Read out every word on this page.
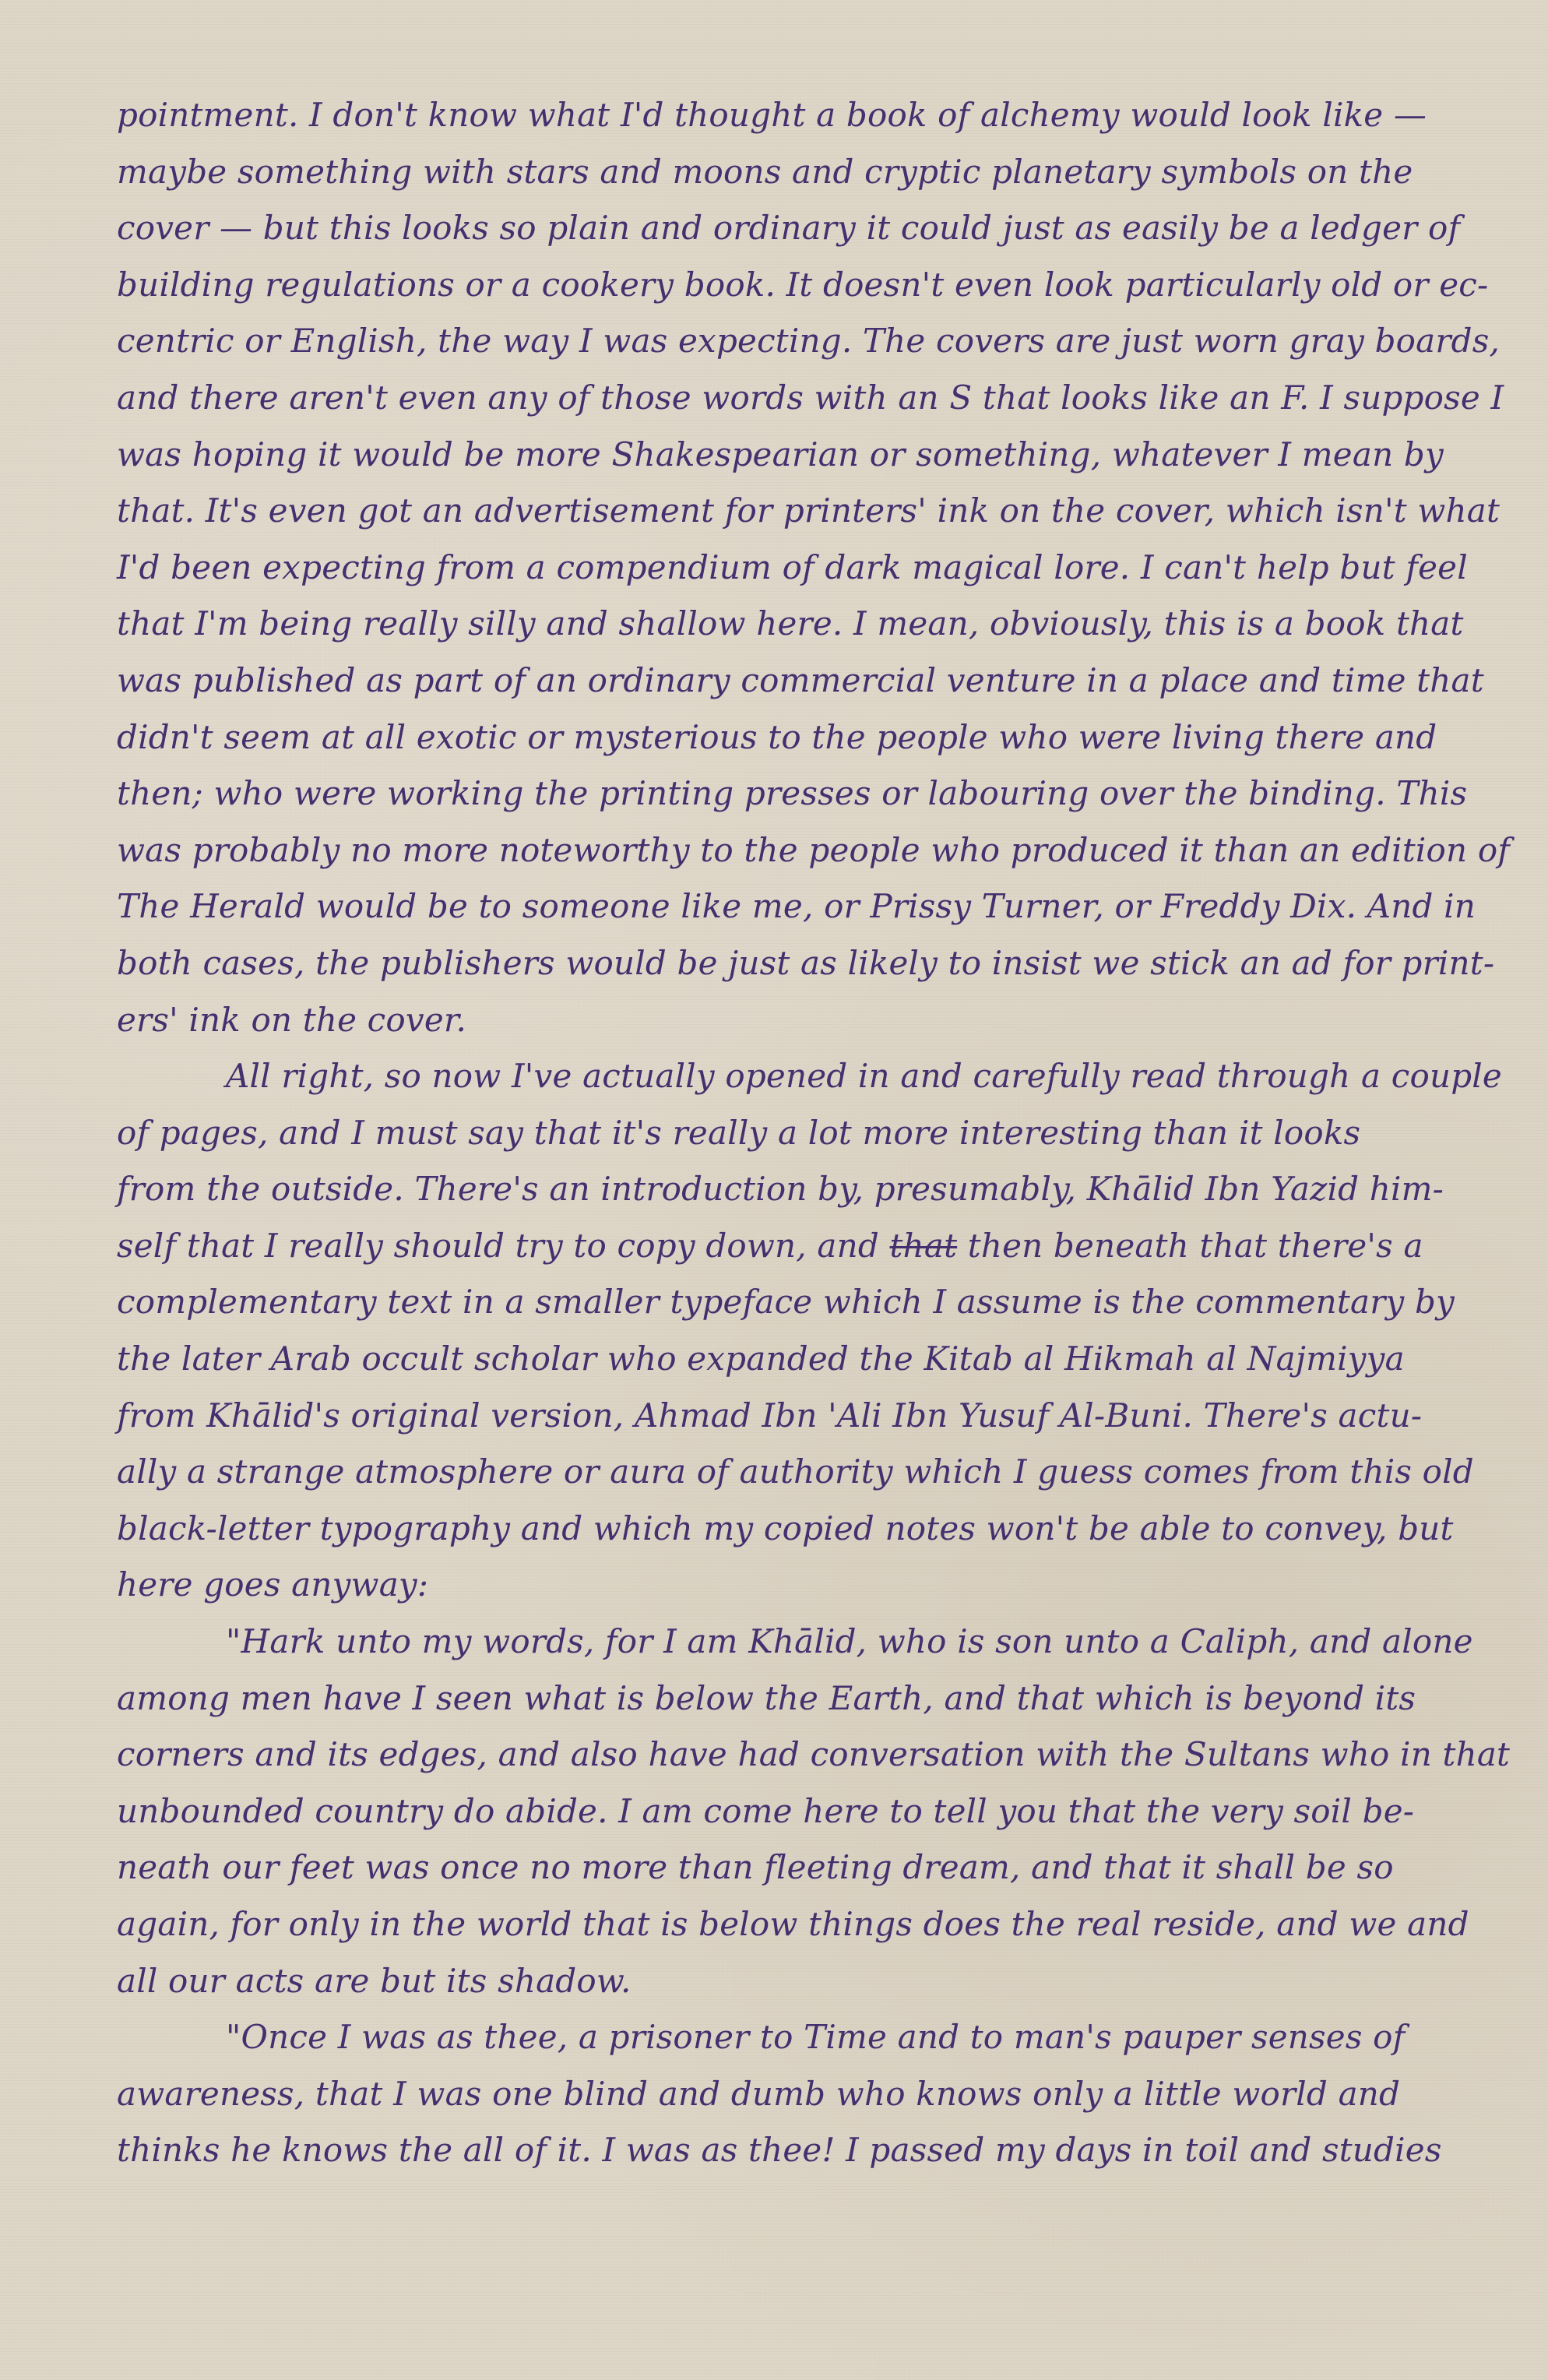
pointment. I don't know what I'd thought a book of alchemy would look like —
maybe something with stars and moons and cryptic planetary symbols on the
cover — but this looks so plain and ordinary it could just as easily be a ledger of
building regulations or a cookery book. It doesn't even look particularly old or ec-
centric or English, the way I was expecting. The covers are just worn gray boards,
and there aren't even any of those words with an S that looks like an F. I suppose I
was hoping it would be more Shakespearian or something, whatever I mean by
that. It's even got an advertisement for printers' ink on the cover, which isn't what
I'd been expecting from a compendium of dark magical lore. I can't help but feel
that I'm being really silly and shallow here. I mean, obviously, this is a book that
was published as part of an ordinary commercial venture in a place and time that
didn't seem at all exotic or mysterious to the people who were living there and
then; who were working the printing presses or labouring over the binding. This
was probably no more noteworthy to the people who produced it than an edition of
The Herald would be to someone like me, or Prissy Turner, or Freddy Dix. And in
both cases, the publishers would be just as likely to insist we stick an ad for print-
ers' ink on the cover.
All right, so now I've actually opened in and carefully read through a couple
of pages, and I must say that it's really a lot more interesting than it looks
from the outside. There's an introduction by, presumably, Khālid Ibn Yazid him-
self that I really should try to copy down, and that then beneath that there's a
complementary text in a smaller typeface which I assume is the commentary by
the later Arab occult scholar who expanded the Kitab al Hikmah al Najmiyya
from Khālid's original version, Ahmad Ibn 'Ali Ibn Yusuf Al-Buni. There's actu-
ally a strange atmosphere or aura of authority which I guess comes from this old
black-letter typography and which my copied notes won't be able to convey, but
here goes anyway:
"Hark unto my words, for I am Khālid, who is son unto a Caliph, and alone
among men have I seen what is below the Earth, and that which is beyond its
corners and its edges, and also have had conversation with the Sultans who in that
unbounded country do abide. I am come here to tell you that the very soil be-
neath our feet was once no more than fleeting dream, and that it shall be so
again, for only in the world that is below things does the real reside, and we and
all our acts are but its shadow.
"Once I was as thee, a prisoner to Time and to man's pauper senses of
awareness, that I was one blind and dumb who knows only a little world and
thinks he knows the all of it. I was as thee! I passed my days in toil and studies
